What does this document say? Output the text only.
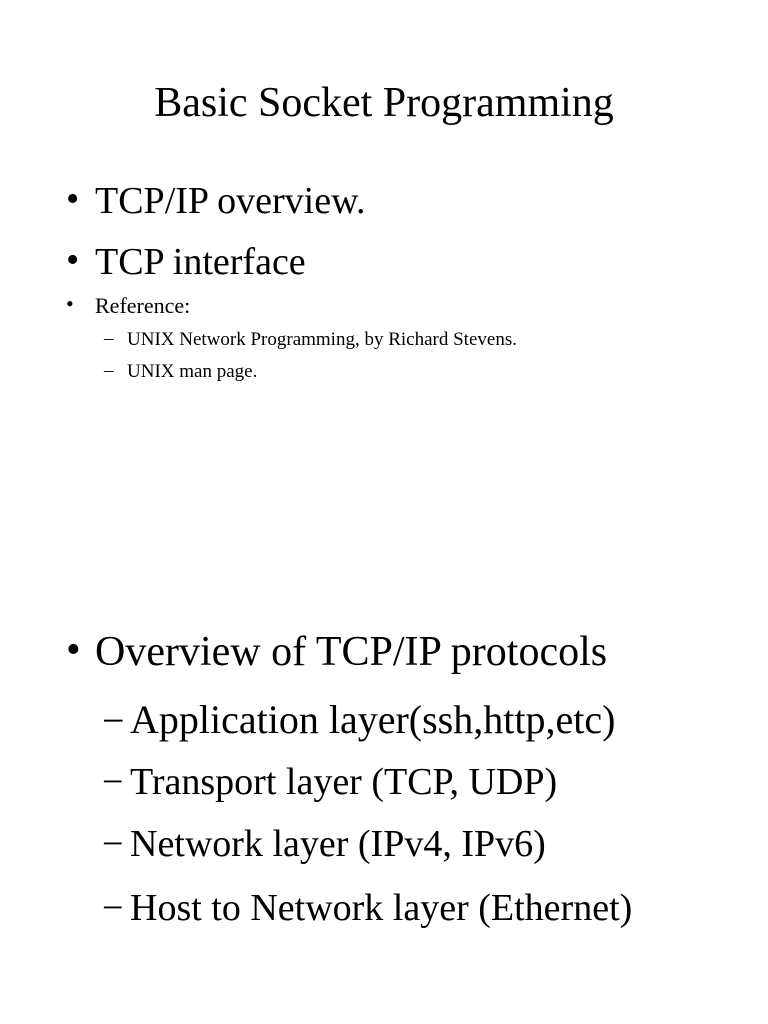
Basic Socket Programming
• TCP/IP overview.
• TCP interface
• Reference:
– UNIX Network Programming, by Richard Stevens.
– UNIX man page.
• Overview of TCP/IP protocols
− Application layer(ssh,http,etc)
− Transport layer (TCP, UDP)
− Network layer (IPv4, IPv6)
− Host to Network layer (Ethernet)
